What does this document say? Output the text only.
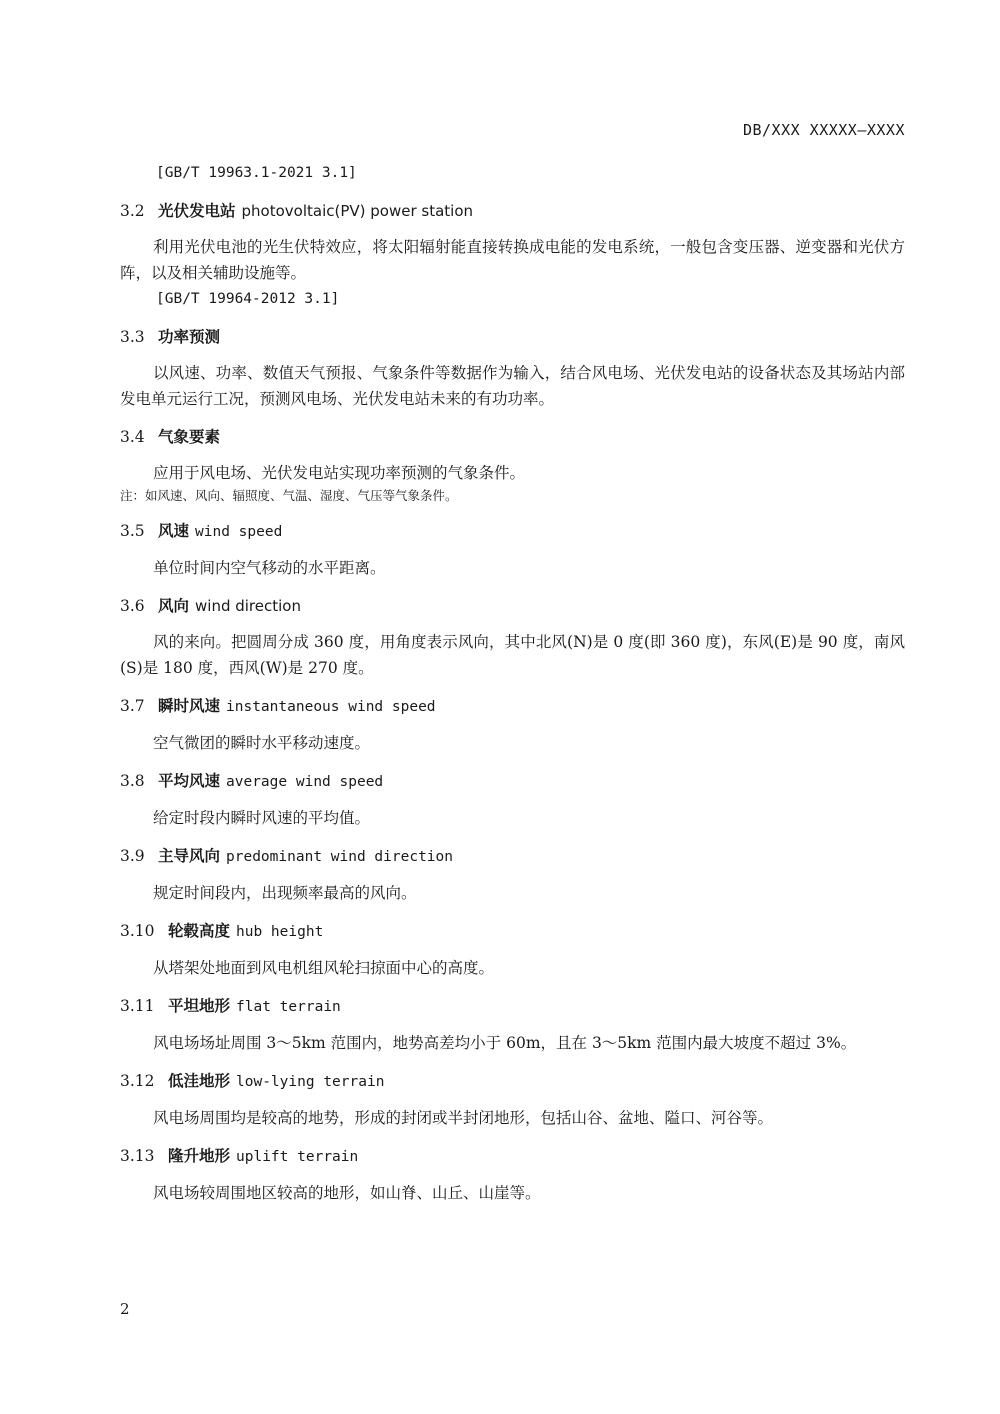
DB/XXX XXXXX—XXXX
[GB/T 19963.1-2021 3.1]
3.2 光伏发电站 photovoltaic(PV) power station
利用光伏电池的光生伏特效应，将太阳辐射能直接转换成电能的发电系统，一般包含变压器、逆变器和光伏方阵，以及相关辅助设施等。
[GB/T 19964-2012 3.1]
3.3 功率预测
以风速、功率、数值天气预报、气象条件等数据作为输入，结合风电场、光伏发电站的设备状态及其场站内部发电单元运行工况，预测风电场、光伏发电站未来的有功功率。
3.4 气象要素
应用于风电场、光伏发电站实现功率预测的气象条件。
注：如风速、风向、辐照度、气温、湿度、气压等气象条件。
3.5 风速 wind speed
单位时间内空气移动的水平距离。
3.6 风向 wind direction
风的来向。把圆周分成 360 度，用角度表示风向，其中北风(N)是 0 度(即 360 度)，东风(E)是 90 度，南风(S)是 180 度，西风(W)是 270 度。
3.7 瞬时风速 instantaneous wind speed
空气微团的瞬时水平移动速度。
3.8 平均风速 average wind speed
给定时段内瞬时风速的平均值。
3.9 主导风向 predominant wind direction
规定时间段内，出现频率最高的风向。
3.10 轮毂高度 hub height
从塔架处地面到风电机组风轮扫掠面中心的高度。
3.11 平坦地形 flat terrain
风电场场址周围 3～5km 范围内，地势高差均小于 60m，且在 3～5km 范围内最大坡度不超过 3%。
3.12 低洼地形 low-lying terrain
风电场周围均是较高的地势，形成的封闭或半封闭地形，包括山谷、盆地、隘口、河谷等。
3.13 隆升地形 uplift terrain
风电场较周围地区较高的地形，如山脊、山丘、山崖等。
2
